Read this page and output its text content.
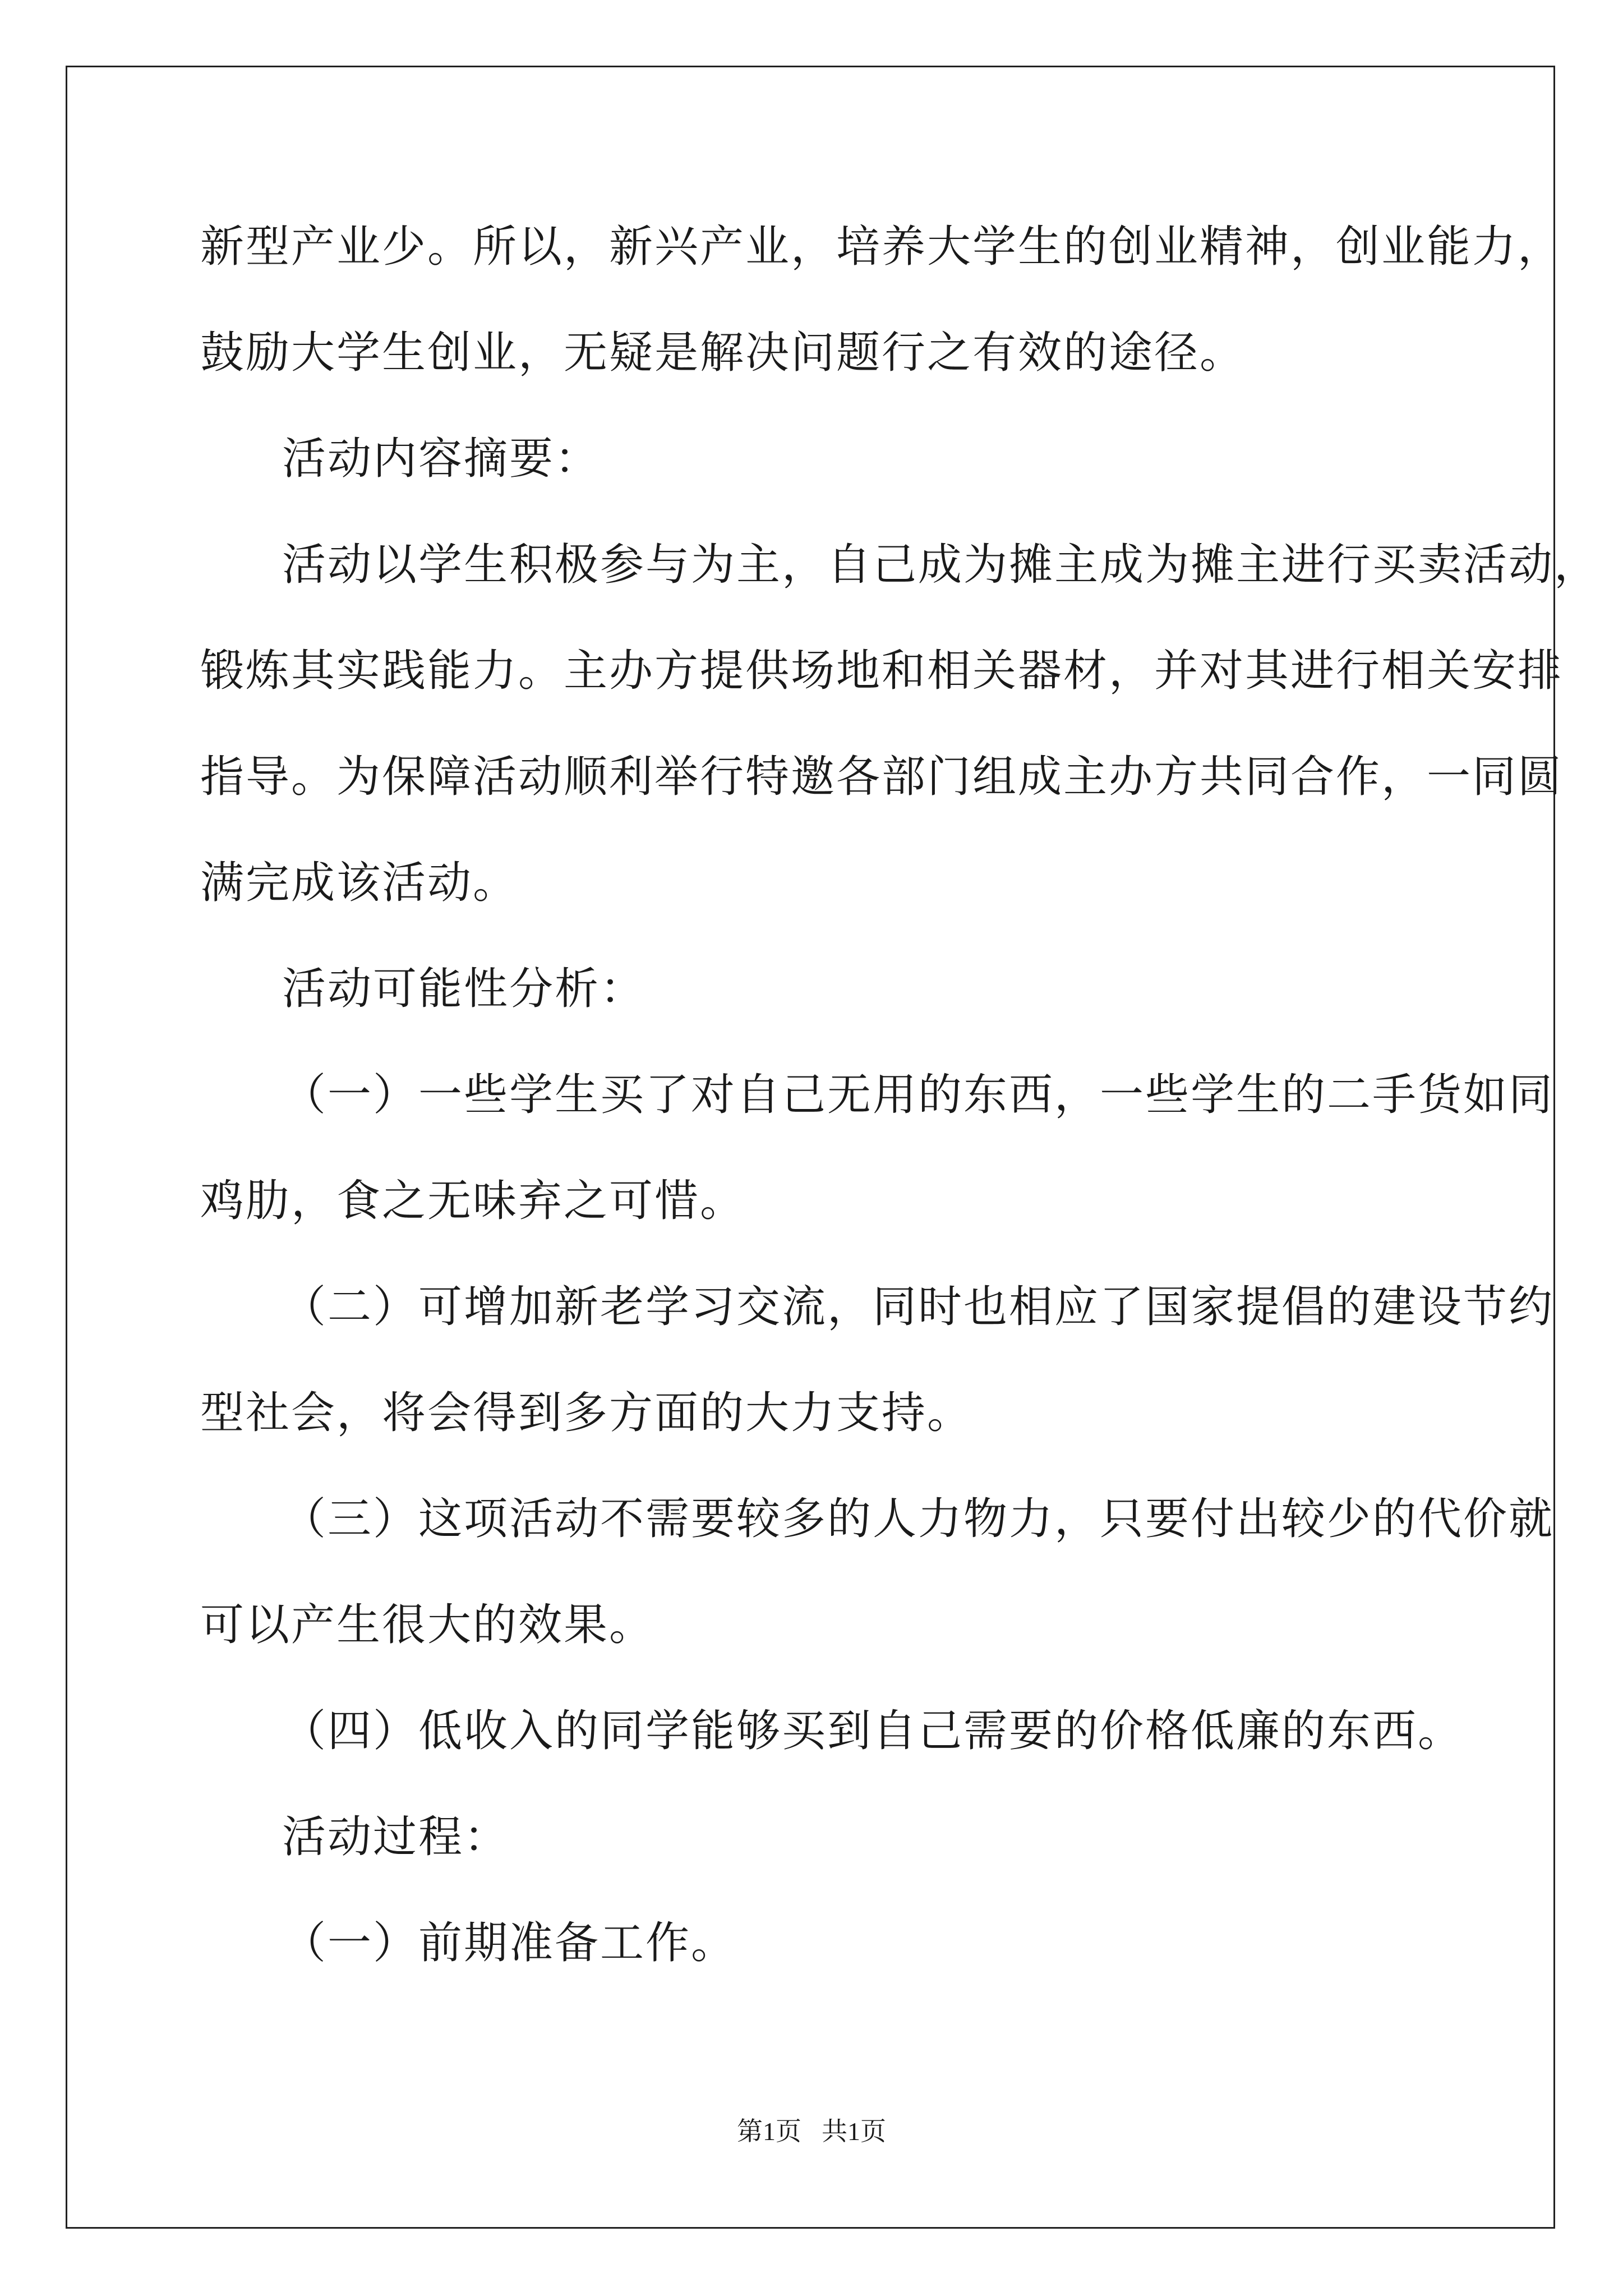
新型产业少。所以，新兴产业，培养大学生的创业精神，创业能力，
鼓励大学生创业，无疑是解决问题行之有效的途径。
活动内容摘要：
活动以学生积极参与为主，自己成为摊主成为摊主进行买卖活动，
锻炼其实践能力。主办方提供场地和相关器材，并对其进行相关安排
指导。为保障活动顺利举行特邀各部门组成主办方共同合作，一同圆
满完成该活动。
活动可能性分析：
（一）一些学生买了对自己无用的东西，一些学生的二手货如同
鸡肋，食之无味弃之可惜。
（二）可增加新老学习交流，同时也相应了国家提倡的建设节约
型社会，将会得到多方面的大力支持。
（三）这项活动不需要较多的人力物力，只要付出较少的代价就
可以产生很大的效果。
（四）低收入的同学能够买到自己需要的价格低廉的东西。
活动过程：
（一）前期准备工作。
第1页 共1页
